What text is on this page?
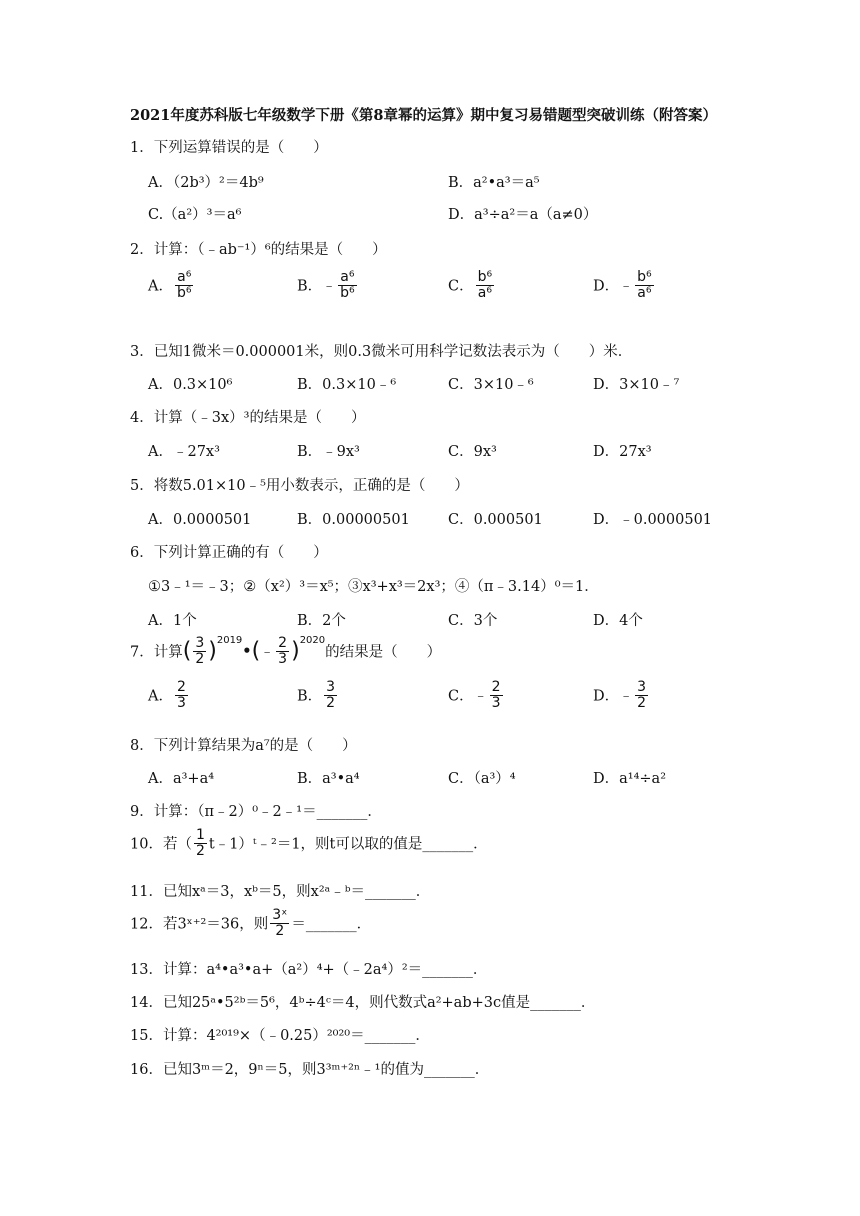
2021年度苏科版七年级数学下册《第8章幂的运算》期中复习易错题型突破训练（附答案）
1．下列运算错误的是（　　）
A．（2b³）²＝4b⁹	B．a²•a³＝a⁵
C.（a²）³＝a⁶	D．a³÷a²＝a（a≠0）
2．计算：（﹣ab⁻¹）⁶的结果是（　　）
A． $\frac{\text{a⁶}}{\text{b⁶}}$	B．﹣ $\frac{\text{a⁶}}{\text{b⁶}}$	C． $\frac{\text{b⁶}}{\text{a⁶}}$	D．﹣ $\frac{\text{b⁶}}{\text{a⁶}}$
3．已知1微米＝0.000001米，则0.3微米可用科学记数法表示为（　　）米．
A．0.3×10⁶	B．0.3×10﹣⁶	C．3×10﹣⁶	D．3×10﹣⁷
4．计算（﹣3x）³的结果是（　　）
A．﹣27x³	B．﹣9x³	C．9x³	D．27x³
5．将数5.01×10﹣⁵用小数表示，正确的是（　　）
A．0.0000501	B．0.00000501	C．0.000501	D．﹣0.0000501
6．下列计算正确的有（　　）
①3﹣¹＝﹣3；②（x²）³＝x⁵；③x³+x³＝2x³；④（π﹣3.14）⁰＝1．
A．1个	B．2个	C．3个	D．4个
7．计算( $\frac{3}{2}$ )$^{2019}$•(﹣ $\frac{2}{3} )^{2020}$的结果是（　　）
A． $\frac{2}{3}$	B． $\frac{3}{2}$	C．﹣ $\frac{2}{3}$	D．﹣ $\frac{3}{2}$
8．下列计算结果为a⁷的是（　　）
A．a³+a⁴	B．a³•a⁴	C．（a³）⁴	D．a¹⁴÷a²
9．计算：（π﹣2）⁰﹣2﹣¹＝_______．
10．若（ $\frac{1}{2}$ t﹣1）ᵗ﹣²＝1，则t可以取的值是_______．
11．已知xᵃ＝3，xᵇ＝5，则x²ᵃ﹣ᵇ＝_______．
12．若3ˣ⁺²＝36，则 $\frac{\text{3ˣ}}{2}$ ＝_______．
13．计算：a⁴•a³•a+（a²）⁴+（﹣2a⁴）²＝_______．
14．已知25ᵃ•5²ᵇ＝5⁶，4ᵇ÷4ᶜ＝4，则代数式a²+ab+3c值是_______．
15．计算：4²⁰¹⁹×（﹣0.25）²⁰²⁰＝_______．
16．已知3ᵐ＝2，9ⁿ＝5，则3³ᵐ⁺²ⁿ﹣¹的值为_______．
